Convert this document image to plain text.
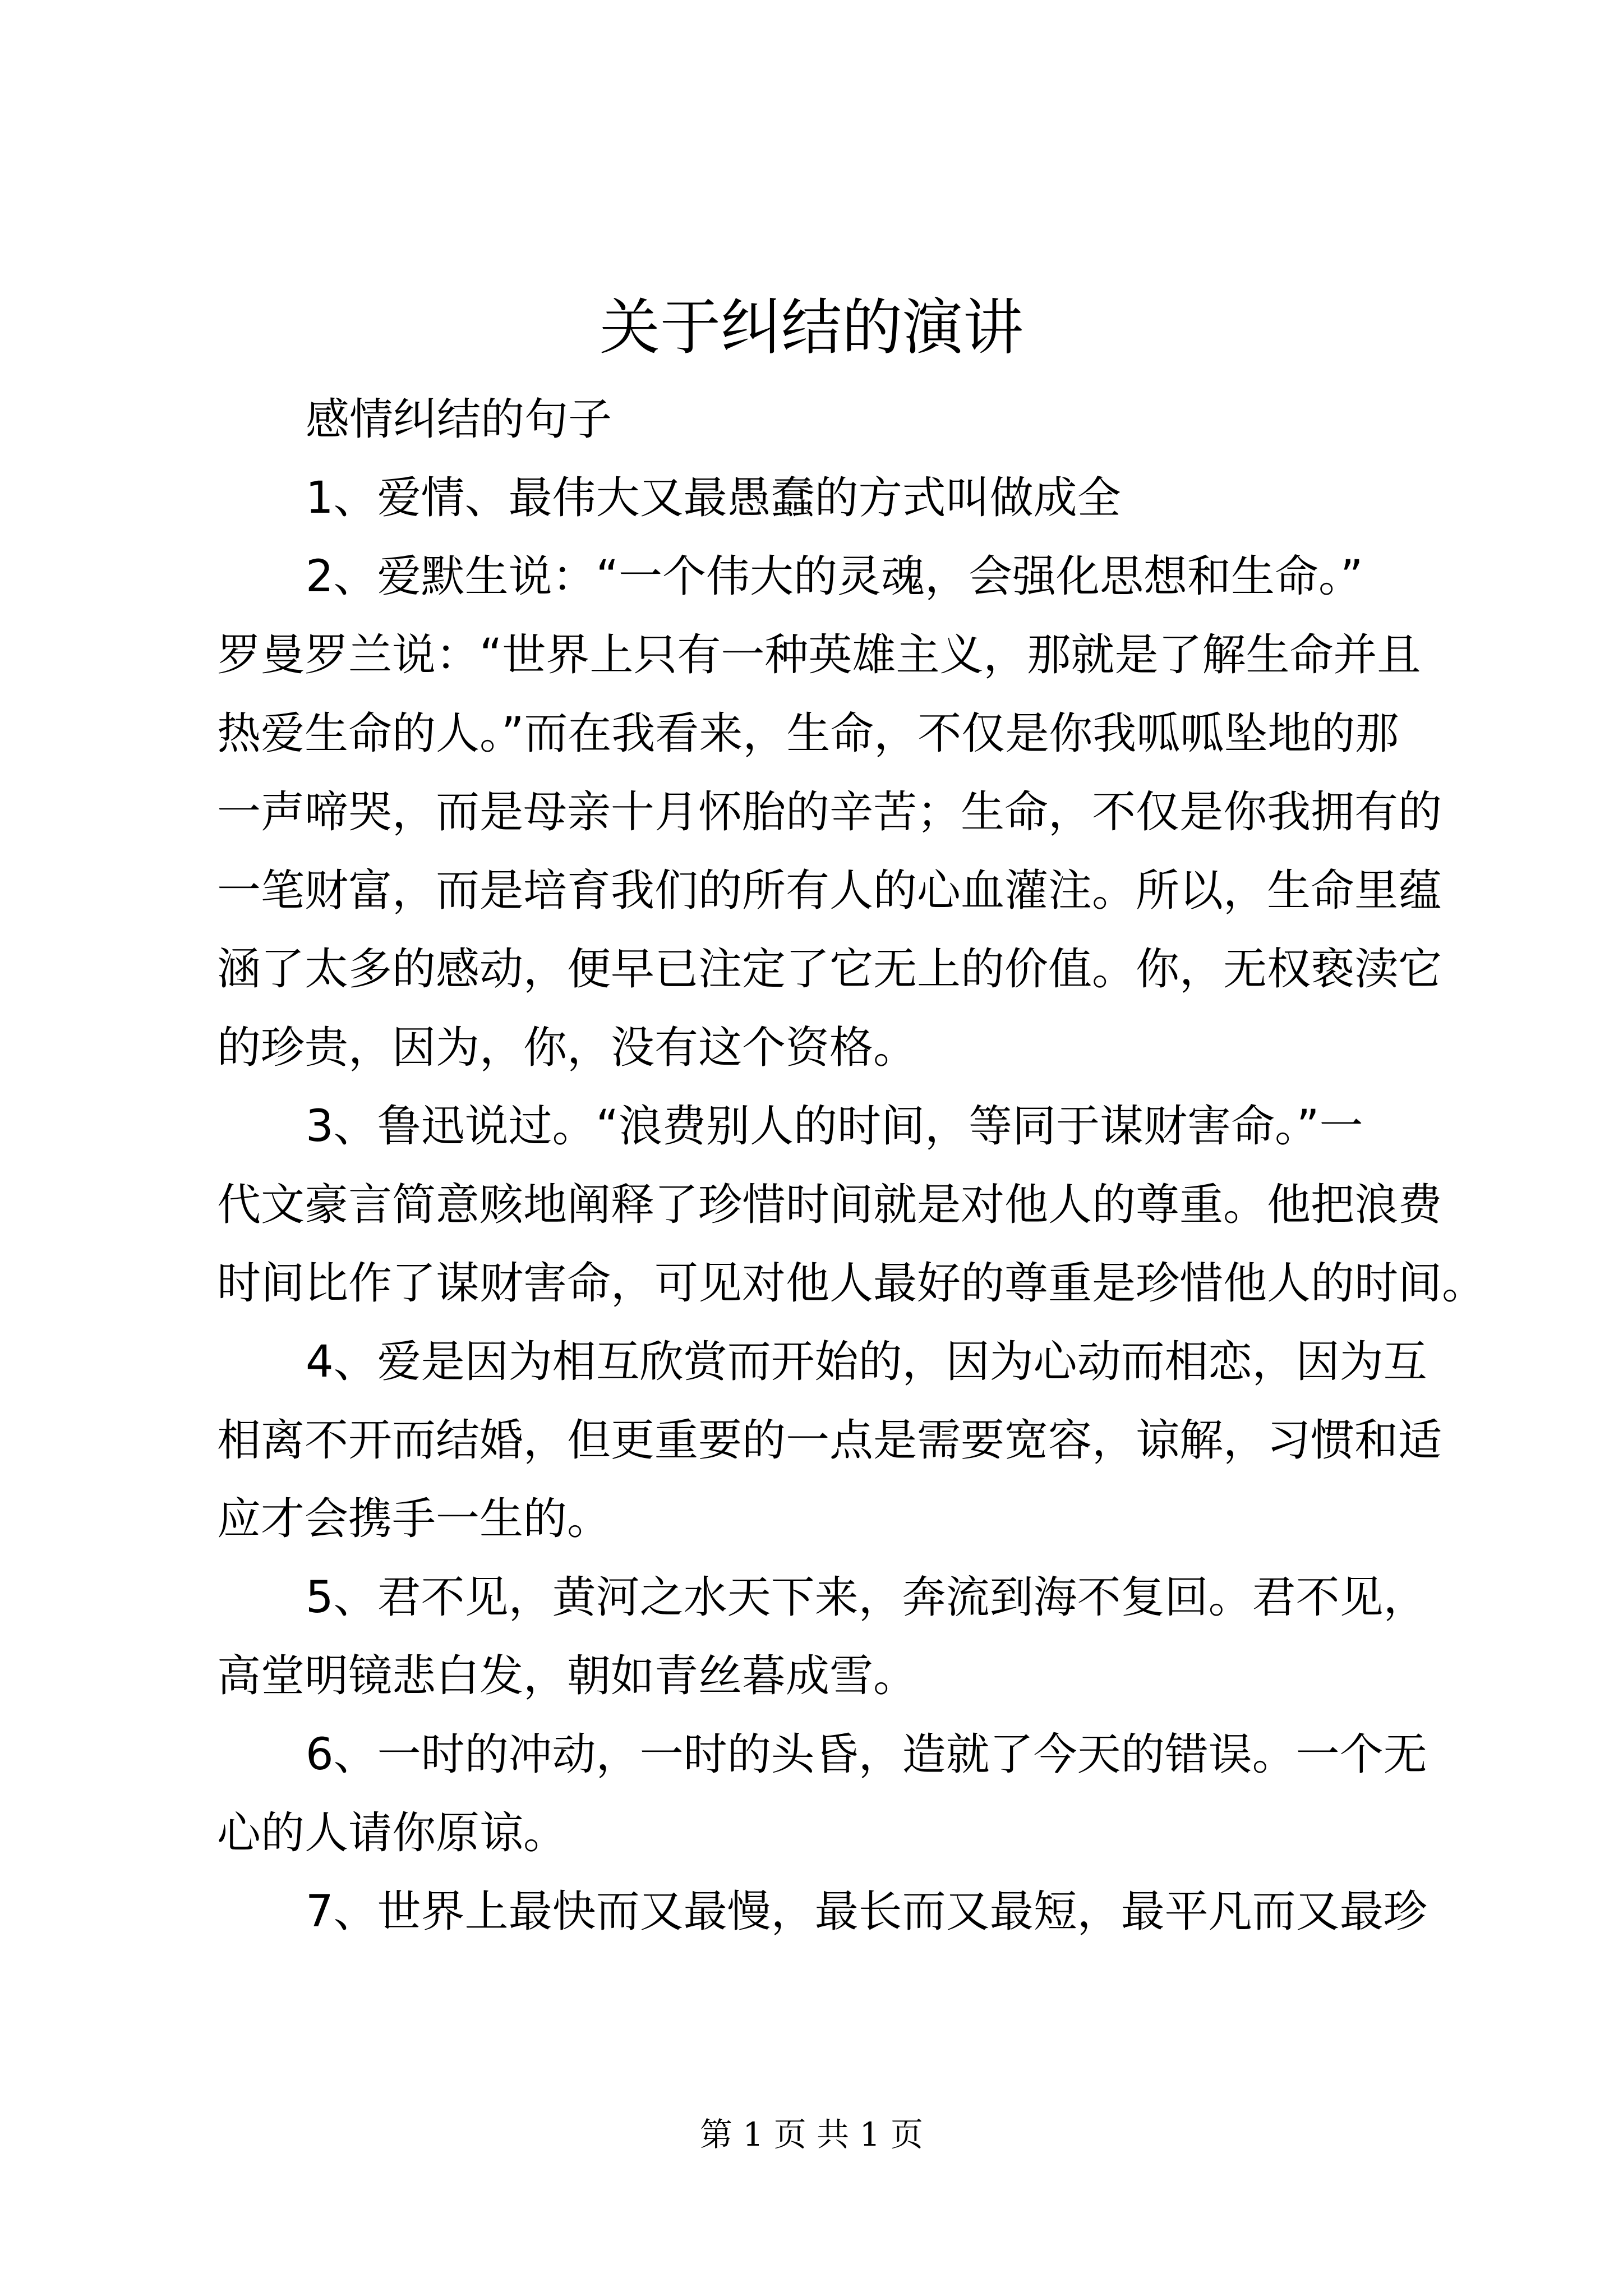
关于纠结的演讲

感情纠结的句子

1、爱情、最伟大又最愚蠢的方式叫做成全

2、爱默生说：“一个伟大的灵魂，会强化思想和生命。”

罗曼罗兰说：“世界上只有一种英雄主义，那就是了解生命并且

热爱生命的人。”而在我看来，生命，不仅是你我呱呱坠地的那

一声啼哭，而是母亲十月怀胎的辛苦；生命，不仅是你我拥有的

一笔财富，而是培育我们的所有人的心血灌注。所以，生命里蕴

涵了太多的感动，便早已注定了它无上的价值。你，无权亵渎它

的珍贵，因为，你，没有这个资格。

3、鲁迅说过。“浪费别人的时间，等同于谋财害命。”一

代文豪言简意赅地阐释了珍惜时间就是对他人的尊重。他把浪费

时间比作了谋财害命，可见对他人最好的尊重是珍惜他人的时间。

4、爱是因为相互欣赏而开始的，因为心动而相恋，因为互

相离不开而结婚，但更重要的一点是需要宽容，谅解，习惯和适

应才会携手一生的。

5、君不见，黄河之水天下来，奔流到海不复回。君不见，

高堂明镜悲白发，朝如青丝暮成雪。

6、一时的冲动，一时的头昏，造就了今天的错误。一个无

心的人请你原谅。

7、世界上最快而又最慢，最长而又最短，最平凡而又最珍

第 1 页 共 1 页
